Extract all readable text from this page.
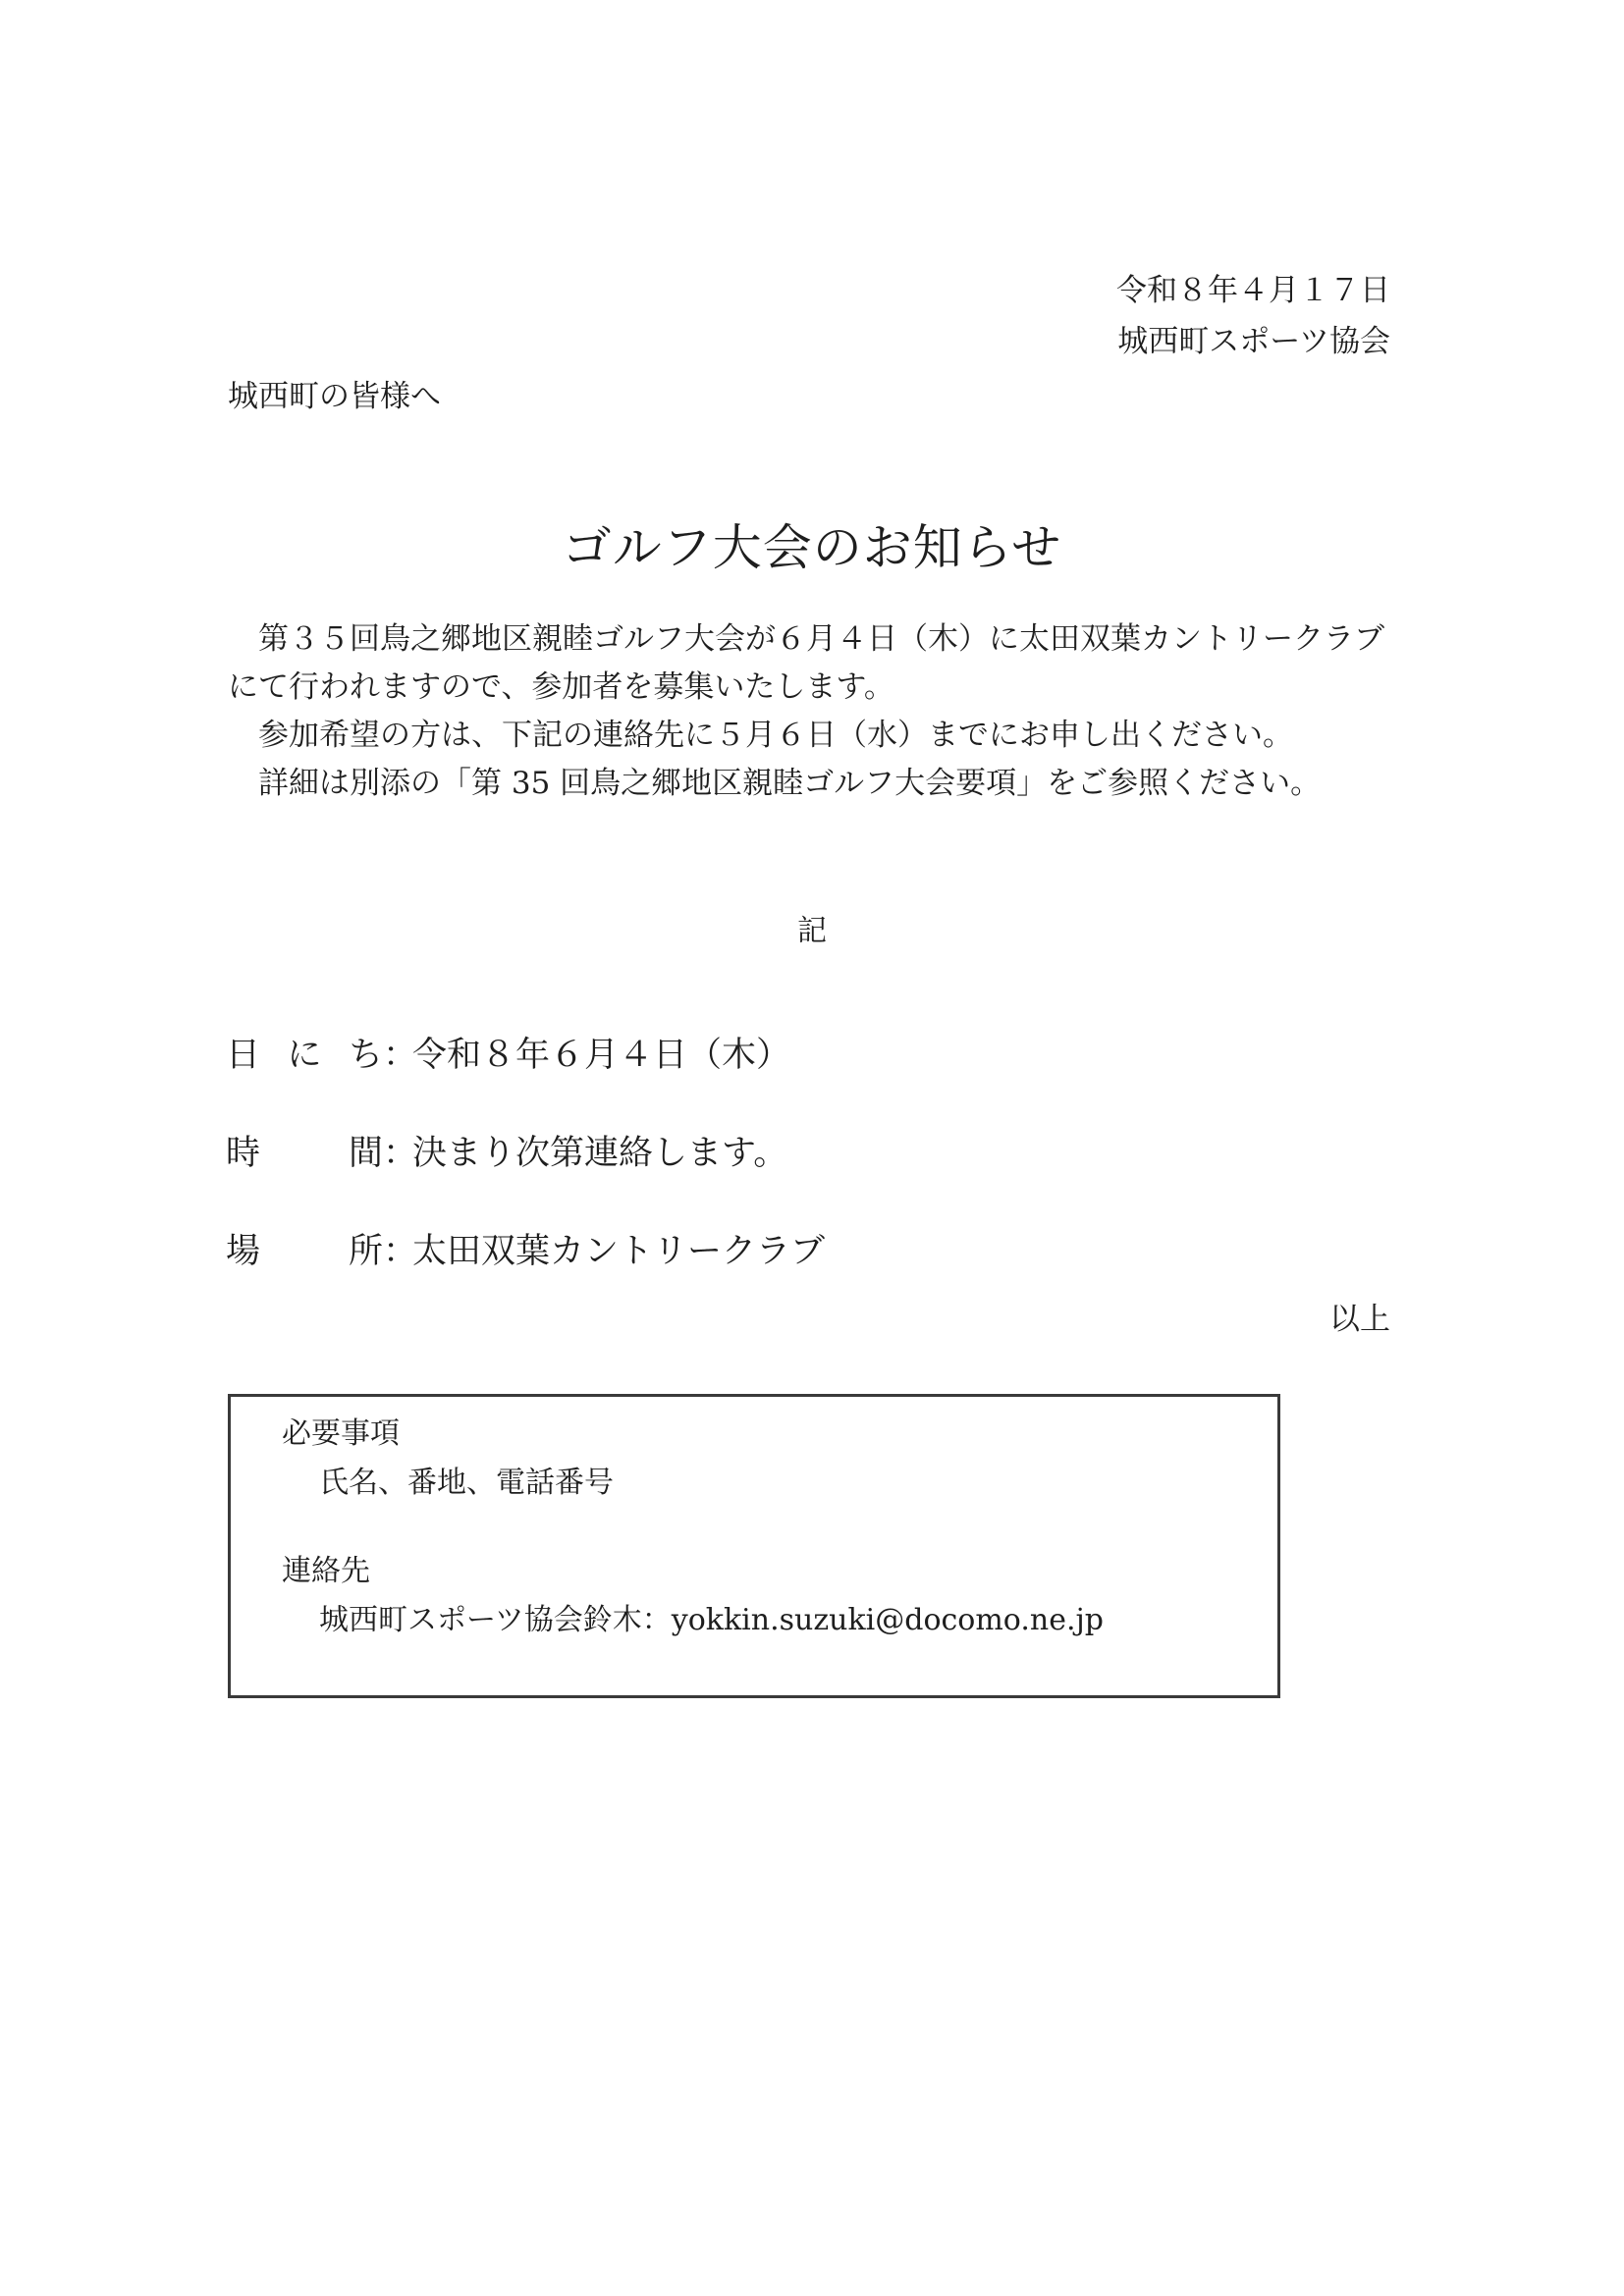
令和８年４月１７日
城西町スポーツ協会
城西町の皆様へ
ゴルフ大会のお知らせ

第３５回鳥之郷地区親睦ゴルフ大会が６月４日（木）に太田双葉カントリークラブにて行われますので、参加者を募集いたします。

参加希望の方は、下記の連絡先に５月６日（水）までにお申し出ください。

詳細は別添の「第 35 回鳥之郷地区親睦ゴルフ大会要項」をご参照ください。

記
日にち ：
令和８年６月４日（木）
時間 ：
決まり次第連絡します。
場所 ：
太田双葉カントリークラブ
以上
必要事項
氏名、番地、電話番号
連絡先
城西町スポーツ協会鈴木：yokkin.suzuki@docomo.ne.jp
